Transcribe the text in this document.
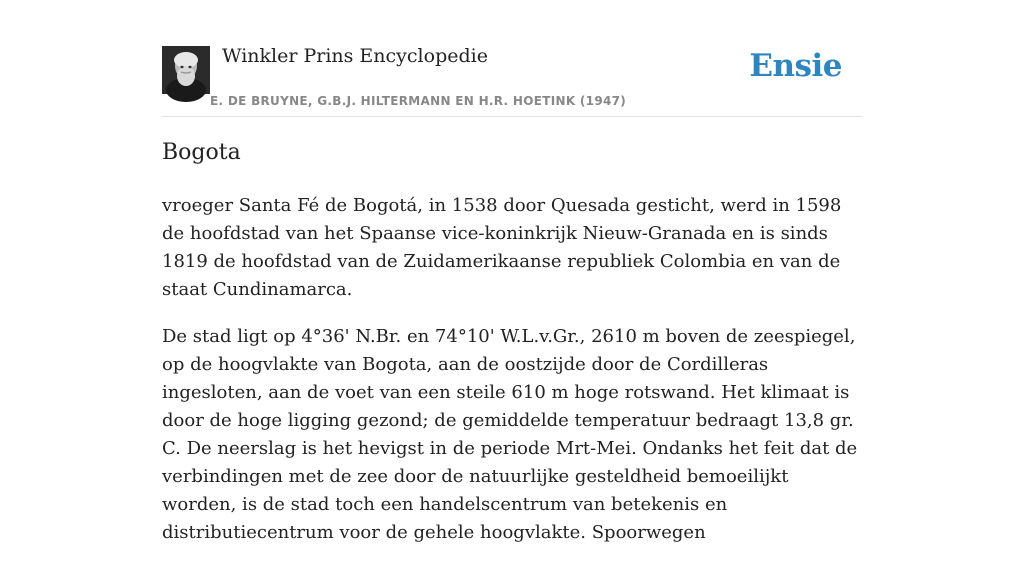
Winkler Prins Encyclopedie
E. DE BRUYNE, G.B.J. HILTERMANN EN H.R. HOETINK (1947)
Ensie
Bogota

vroeger Santa Fé de Bogotá, in 1538 door Quesada gesticht, werd in 1598 de hoofdstad van het Spaanse vice-koninkrijk Nieuw-Granada en is sinds 1819 de hoofdstad van de Zuidamerikaanse republiek Colombia en van de staat Cundinamarca.

De stad ligt op 4°36' N.Br. en 74°10' W.L.v.Gr., 2610 m boven de zeespiegel, op de hoogvlakte van Bogota, aan de oostzijde door de Cordilleras ingesloten, aan de voet van een steile 610 m hoge rotswand. Het klimaat is door de hoge ligging gezond; de gemiddelde temperatuur bedraagt 13,8 gr. C. De neerslag is het hevigst in de periode Mrt-Mei. Ondanks het feit dat de verbindingen met de zee door de natuurlijke gesteldheid bemoeilijkt worden, is de stad toch een handelscentrum van betekenis en distributiecentrum voor de gehele hoogvlakte. Spoorwegen
